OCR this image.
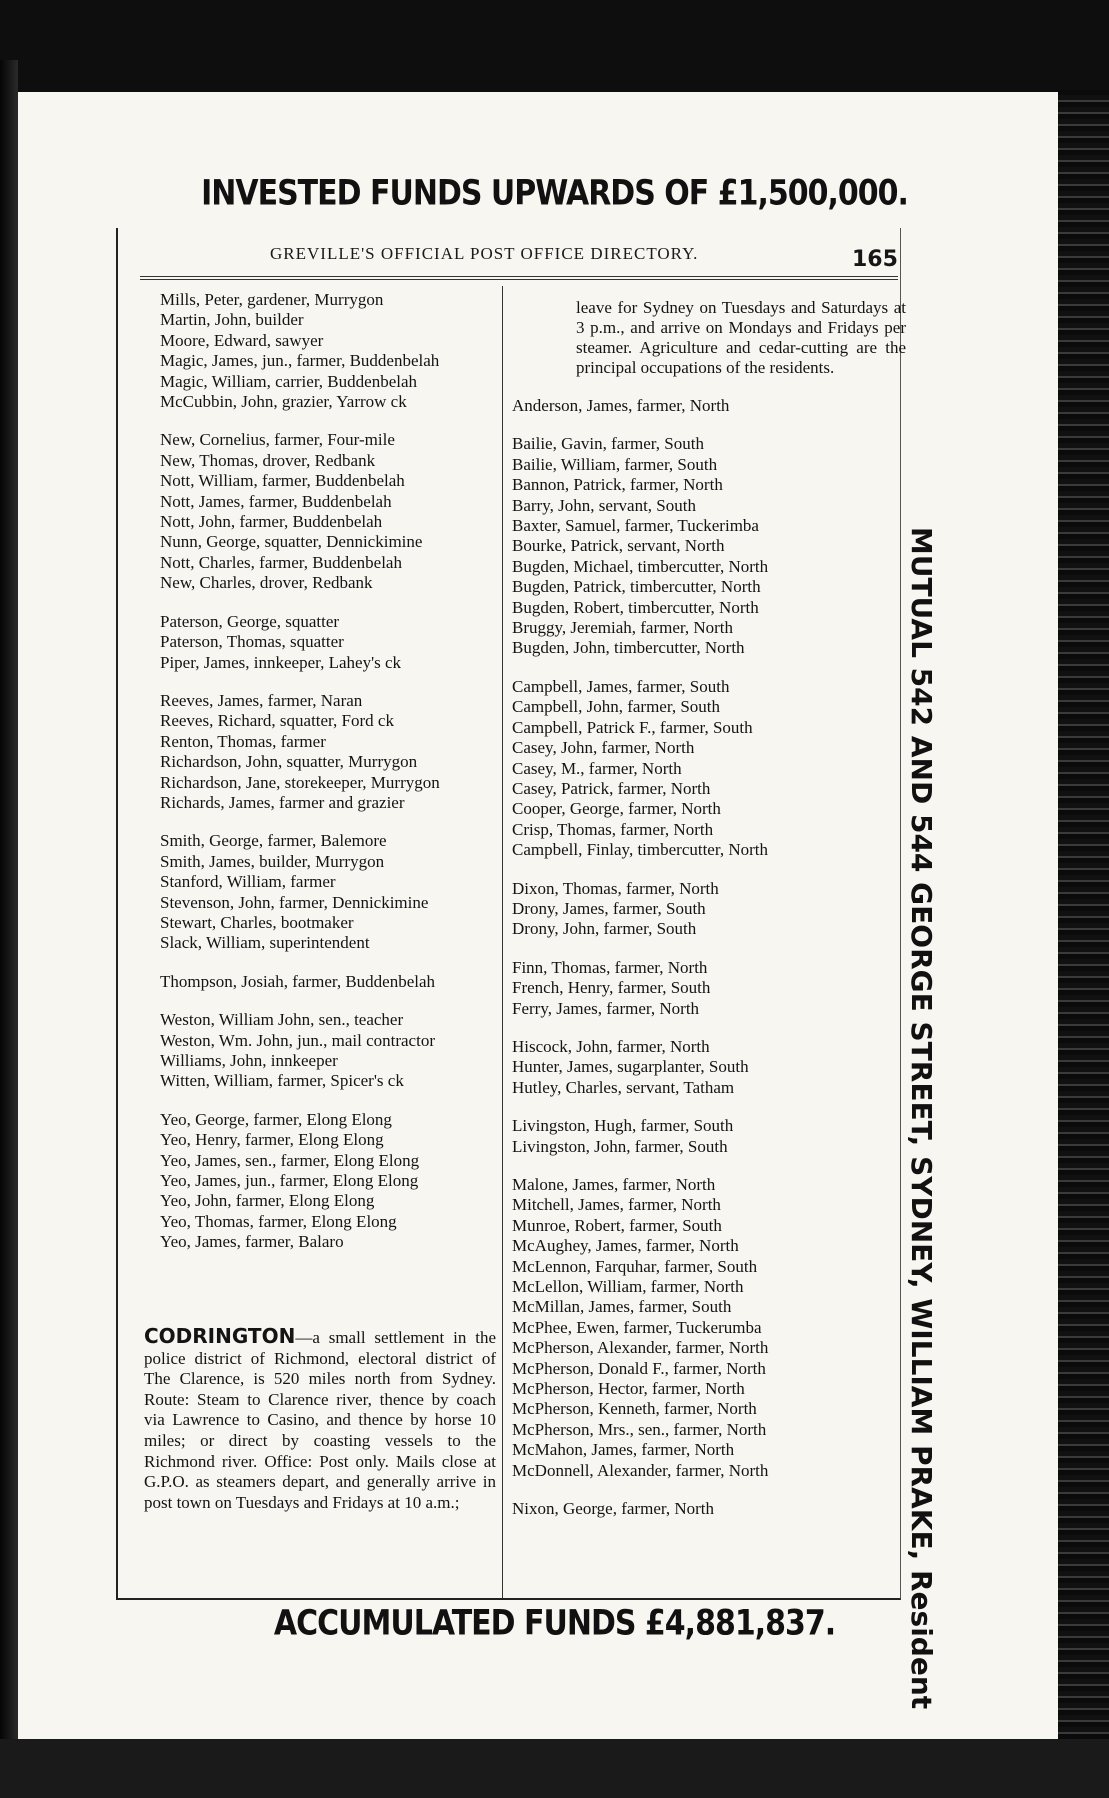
INVESTED FUNDS UPWARDS OF £1,500,000.
MUTUAL 542 AND 544 GEORGE STREET, SYDNEY, WILLIAM PRAKE, Resident
GREVILLE'S OFFICIAL POST OFFICE DIRECTORY.	165
Mills, Peter, gardener, Murrygon
Martin, John, builder
Moore, Edward, sawyer
Magic, James, jun., farmer, Buddenbelah
Magic, William, carrier, Buddenbelah
McCubbin, John, grazier, Yarrow ck
New, Cornelius, farmer, Four-mile
New, Thomas, drover, Redbank
Nott, William, farmer, Buddenbelah
Nott, James, farmer, Buddenbelah
Nott, John, farmer, Buddenbelah
Nunn, George, squatter, Dennickimine
Nott, Charles, farmer, Buddenbelah
New, Charles, drover, Redbank
Paterson, George, squatter
Paterson, Thomas, squatter
Piper, James, innkeeper, Lahey's ck
Reeves, James, farmer, Naran
Reeves, Richard, squatter, Ford ck
Renton, Thomas, farmer
Richardson, John, squatter, Murrygon
Richardson, Jane, storekeeper, Murrygon
Richards, James, farmer and grazier
Smith, George, farmer, Balemore
Smith, James, builder, Murrygon
Stanford, William, farmer
Stevenson, John, farmer, Dennickimine
Stewart, Charles, bootmaker
Slack, William, superintendent
Thompson, Josiah, farmer, Buddenbelah
Weston, William John, sen., teacher
Weston, Wm. John, jun., mail contractor
Williams, John, innkeeper
Witten, William, farmer, Spicer's ck
Yeo, George, farmer, Elong Elong
Yeo, Henry, farmer, Elong Elong
Yeo, James, sen., farmer, Elong Elong
Yeo, James, jun., farmer, Elong Elong
Yeo, John, farmer, Elong Elong
Yeo, Thomas, farmer, Elong Elong
Yeo, James, farmer, Balaro
CODRINGTON—a small settlement in the police district of Richmond, electoral district of The Clarence, is 520 miles north from Sydney. Route: Steam to Clarence river, thence by coach via Lawrence to Casino, and thence by horse 10 miles; or direct by coasting vessels to the Richmond river. Office: Post only. Mails close at G.P.O. as steamers depart, and generally arrive in post town on Tuesdays and Fridays at 10 a.m.;
leave for Sydney on Tuesdays and Saturdays at 3 p.m., and arrive on Mondays and Fridays per steamer. Agriculture and cedar-cutting are the principal occupations of the residents.
Anderson, James, farmer, North
Bailie, Gavin, farmer, South
Bailie, William, farmer, South
Bannon, Patrick, farmer, North
Barry, John, servant, South
Baxter, Samuel, farmer, Tuckerimba
Bourke, Patrick, servant, North
Bugden, Michael, timbercutter, North
Bugden, Patrick, timbercutter, North
Bugden, Robert, timbercutter, North
Bruggy, Jeremiah, farmer, North
Bugden, John, timbercutter, North
Campbell, James, farmer, South
Campbell, John, farmer, South
Campbell, Patrick F., farmer, South
Casey, John, farmer, North
Casey, M., farmer, North
Casey, Patrick, farmer, North
Cooper, George, farmer, North
Crisp, Thomas, farmer, North
Campbell, Finlay, timbercutter, North
Dixon, Thomas, farmer, North
Drony, James, farmer, South
Drony, John, farmer, South
Finn, Thomas, farmer, North
French, Henry, farmer, South
Ferry, James, farmer, North
Hiscock, John, farmer, North
Hunter, James, sugarplanter, South
Hutley, Charles, servant, Tatham
Livingston, Hugh, farmer, South
Livingston, John, farmer, South
Malone, James, farmer, North
Mitchell, James, farmer, North
Munroe, Robert, farmer, South
McAughey, James, farmer, North
McLennon, Farquhar, farmer, South
McLellon, William, farmer, North
McMillan, James, farmer, South
McPhee, Ewen, farmer, Tuckerumba
McPherson, Alexander, farmer, North
McPherson, Donald F., farmer, North
McPherson, Hector, farmer, North
McPherson, Kenneth, farmer, North
McPherson, Mrs., sen., farmer, North
McMahon, James, farmer, North
McDonnell, Alexander, farmer, North
Nixon, George, farmer, North
ACCUMULATED FUNDS £4,881,837.
